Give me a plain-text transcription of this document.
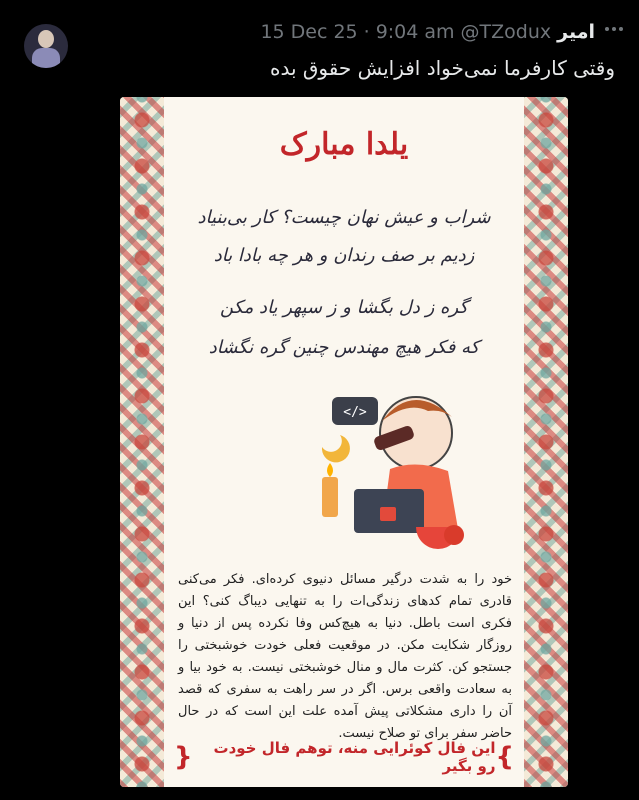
15 Dec 25 · 9:04 am @TZodux امیر
وقتی کارفرما نمی‌خواد افزایش حقوق بده
یلدا مبارک
شراب و عیش نهان چیست؟ کار بی‌بنیاد
زدیم بر صف رندان و هر چه بادا باد
گره ز دل بگشا و ز سپهر یاد مکن
که فکر هیچ مهندس چنین گره نگشاد
</>
خود را به شدت درگیر مسائل دنیوی کرده‌ای. فکر می‌کنی قادری تمام کدهای زندگی‌ات را به تنهایی دیباگ کنی؟ این فکری است باطل. دنیا به هیچ‌کس وفا نکرده پس از دنیا و روزگار شکایت مکن. در موقعیت فعلی خودت خوشبختی را جستجو کن. کثرت مال و منال خوشبختی نیست. به خود بیا و به سعادت واقعی برس. اگر در سر راهت به سفری که قصد آن را داری مشکلاتی پیش آمده علت این است که در حال حاضر سفر برای تو صلاح نیست.
}	این فال کوئرایی منه، توهم فال خودت رو بگیر {
